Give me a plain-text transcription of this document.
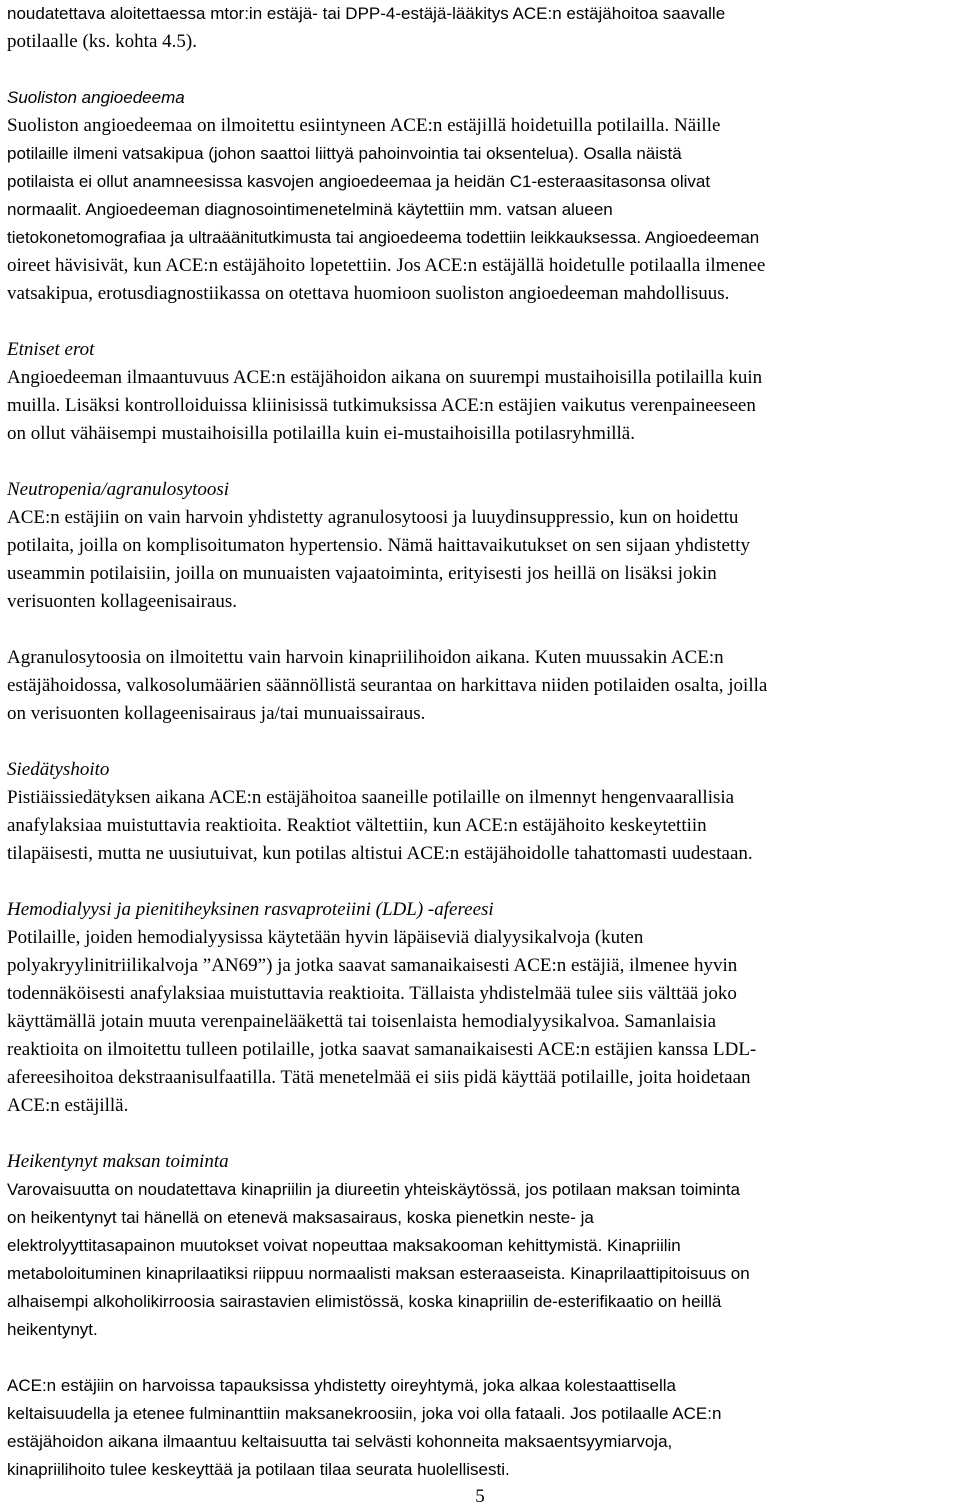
noudatettava aloitettaessa mtor:in estäjä- tai DPP-4-estäjä-lääkitys ACE:n estäjähoitoa saavalle

potilaalle (ks. kohta 4.5).

Suoliston angioedeema

Suoliston angioedeemaa on ilmoitettu esiintyneen ACE:n estäjillä hoidetuilla potilailla. Näille

potilaille ilmeni vatsakipua (johon saattoi liittyä pahoinvointia tai oksentelua). Osalla näistä

potilaista ei ollut anamneesissa kasvojen angioedeemaa ja heidän C1-esteraasitasonsa olivat

normaalit. Angioedeeman diagnosointimenetelminä käytettiin mm. vatsan alueen

tietokonetomografiaa ja ultraäänitutkimusta tai angioedeema todettiin leikkauksessa. Angioedeeman

oireet hävisivät, kun ACE:n estäjähoito lopetettiin. Jos ACE:n estäjällä hoidetulle potilaalla ilmenee

vatsakipua, erotusdiagnostiikassa on otettava huomioon suoliston angioedeeman mahdollisuus.

Etniset erot

Angioedeeman ilmaantuvuus ACE:n estäjähoidon aikana on suurempi mustaihoisilla potilailla kuin

muilla. Lisäksi kontrolloiduissa kliinisissä tutkimuksissa ACE:n estäjien vaikutus verenpaineeseen

on ollut vähäisempi mustaihoisilla potilailla kuin ei-mustaihoisilla potilasryhmillä.

Neutropenia/agranulosytoosi

ACE:n estäjiin on vain harvoin yhdistetty agranulosytoosi ja luuydinsuppressio, kun on hoidettu

potilaita, joilla on komplisoitumaton hypertensio. Nämä haittavaikutukset on sen sijaan yhdistetty

useammin potilaisiin, joilla on munuaisten vajaatoiminta, erityisesti jos heillä on lisäksi jokin

verisuonten kollageenisairaus.

Agranulosytoosia on ilmoitettu vain harvoin kinapriilihoidon aikana. Kuten muussakin ACE:n

estäjähoidossa, valkosolumäärien säännöllistä seurantaa on harkittava niiden potilaiden osalta, joilla

on verisuonten kollageenisairaus ja/tai munuaissairaus.

Siedätyshoito

Pistiäissiedätyksen aikana ACE:n estäjähoitoa saaneille potilaille on ilmennyt hengenvaarallisia

anafylaksiaa muistuttavia reaktioita. Reaktiot vältettiin, kun ACE:n estäjähoito keskeytettiin

tilapäisesti, mutta ne uusiutuivat, kun potilas altistui ACE:n estäjähoidolle tahattomasti uudestaan.

Hemodialyysi ja pienitiheyksinen rasvaproteiini (LDL) -afereesi

Potilaille, joiden hemodialyysissa käytetään hyvin läpäiseviä dialyysikalvoja (kuten

polyakryylinitriilikalvoja ”AN69”) ja jotka saavat samanaikaisesti ACE:n estäjiä, ilmenee hyvin

todennäköisesti anafylaksiaa muistuttavia reaktioita. Tällaista yhdistelmää tulee siis välttää joko

käyttämällä jotain muuta verenpainelääkettä tai toisenlaista hemodialyysikalvoa. Samanlaisia

reaktioita on ilmoitettu tulleen potilaille, jotka saavat samanaikaisesti ACE:n estäjien kanssa LDL-

afereesihoitoa dekstraanisulfaatilla. Tätä menetelmää ei siis pidä käyttää potilaille, joita hoidetaan

ACE:n estäjillä.

Heikentynyt maksan toiminta

Varovaisuutta on noudatettava kinapriilin ja diureetin yhteiskäytössä, jos potilaan maksan toiminta

on heikentynyt tai hänellä on etenevä maksasairaus, koska pienetkin neste- ja

elektrolyyttitasapainon muutokset voivat nopeuttaa maksakooman kehittymistä. Kinapriilin

metaboloituminen kinaprilaatiksi riippuu normaalisti maksan esteraaseista. Kinaprilaattipitoisuus on

alhaisempi alkoholikirroosia sairastavien elimistössä, koska kinapriilin de-esterifikaatio on heillä

heikentynyt.

ACE:n estäjiin on harvoissa tapauksissa yhdistetty oireyhtymä, joka alkaa kolestaattisella

keltaisuudella ja etenee fulminanttiin maksanekroosiin, joka voi olla fataali. Jos potilaalle ACE:n

estäjähoidon aikana ilmaantuu keltaisuutta tai selvästi kohonneita maksaentsyymiarvoja,

kinapriilihoito tulee keskeyttää ja potilaan tilaa seurata huolellisesti.

5
